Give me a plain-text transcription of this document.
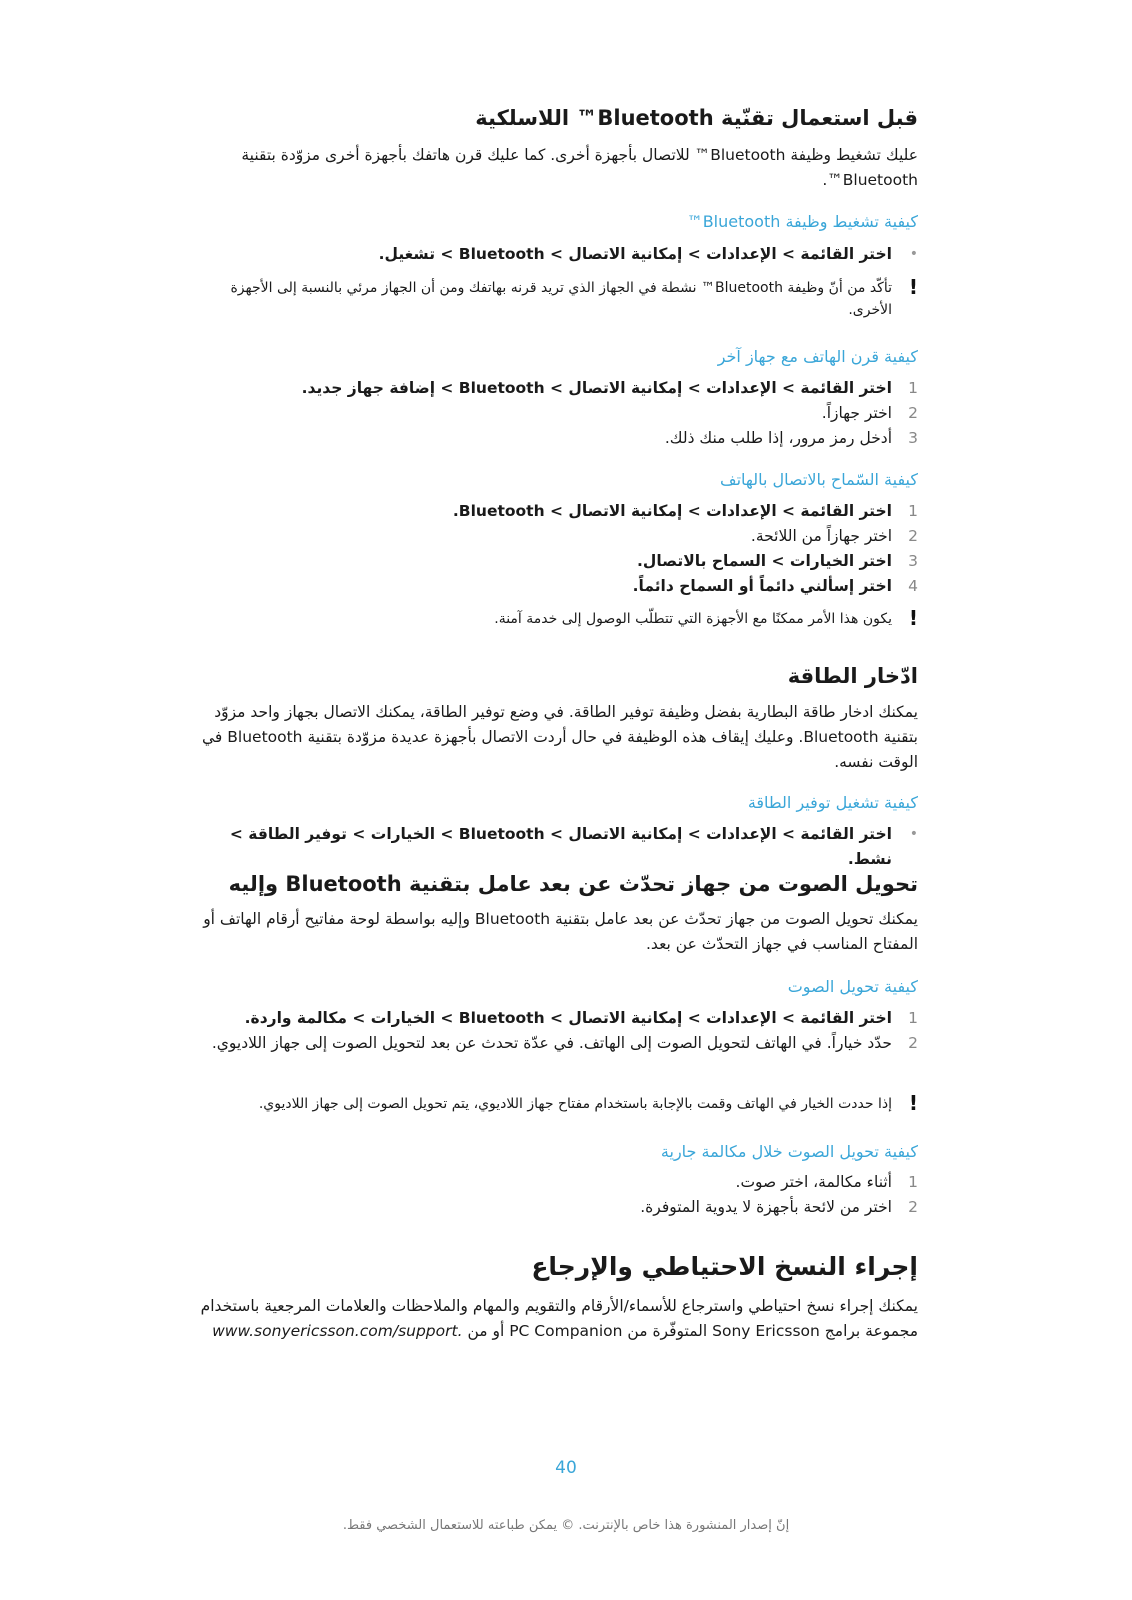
قبل استعمال تقنّية Bluetooth™ اللاسلكية

عليك تشغيط وظيفة Bluetooth™ للاتصال بأجهزة أخرى. كما عليك قرن هاتفك بأجهزة أخرى مزوّدة بتقنية Bluetooth™.

كيفية تشغيط وظيفة Bluetooth™

•
اختر القائمة > الإعدادات > إمكانية الاتصال > Bluetooth > تشغيل.
!
تأكّد من أنّ وظيفة Bluetooth™ نشطة في الجهاز الذي تريد قرنه بهاتفك ومن أن الجهاز مرئي بالنسبة إلى الأجهزة الأخرى.

كيفية قرن الهاتف مع جهاز آخر

1
اختر القائمة > الإعدادات > إمكانية الاتصال > Bluetooth > إضافة جهاز جديد.
2
اختر جهازاً.
3
أدخل رمز مرور، إذا طلب منك ذلك.

كيفية السّماح بالاتصال بالهاتف

1
اختر القائمة > الإعدادات > إمكانية الاتصال > Bluetooth.
2
اختر جهازاً من اللائحة.
3
اختر الخيارات > السماح بالاتصال.
4
اختر إسألني دائماً أو السماح دائماً.
!
يكون هذا الأمر ممكنًا مع الأجهزة التي تتطلّب الوصول إلى خدمة آمنة.
ادّخار الطاقة

يمكنك ادخار طاقة البطارية بفضل وظيفة توفير الطاقة. في وضع توفير الطاقة، يمكنك الاتصال بجهاز واحد مزوّد بتقنية Bluetooth. وعليك إيقاف هذه الوظيفة في حال أردت الاتصال بأجهزة عديدة مزوّدة بتقنية Bluetooth في الوقت نفسه.

كيفية تشغيل توفير الطاقة

•
اختر القائمة > الإعدادات > إمكانية الاتصال > Bluetooth > الخيارات > توفير الطاقة > نشط.
تحويل الصوت من جهاز تحدّث عن بعد عامل بتقنية Bluetooth وإليه

يمكنك تحويل الصوت من جهاز تحدّث عن بعد عامل بتقنية Bluetooth وإليه بواسطة لوحة مفاتيح أرقام الهاتف أو المفتاح المناسب في جهاز التحدّث عن بعد.

كيفية تحويل الصوت

1
اختر القائمة > الإعدادات > إمكانية الاتصال > Bluetooth > الخيارات > مكالمة واردة.
2
حدّد خياراً. في الهاتف لتحويل الصوت إلى الهاتف. في عدّة تحدث عن بعد لتحويل الصوت إلى جهاز اللاديوي.
!
إذا حددت الخيار في الهاتف وقمت بالإجابة باستخدام مفتاح جهاز اللاديوي، يتم تحويل الصوت إلى جهاز اللاديوي.

كيفية تحويل الصوت خلال مكالمة جارية

1
أثناء مكالمة، اختر صوت.
2
اختر من لائحة بأجهزة لا يدوية المتوفرة.
إجراء النسخ الاحتياطي والإرجاع

يمكنك إجراء نسخ احتياطي واسترجاع للأسماء/الأرقام والتقويم والمهام والملاحظات والعلامات المرجعية باستخدام مجموعة برامج Sony Ericsson المتوفّرة من PC Companion أو من www.sonyericsson.com/support.

40
إنّ إصدار المنشورة هذا خاص بالإنترنت. © يمكن طباعته للاستعمال الشخصي فقط.
